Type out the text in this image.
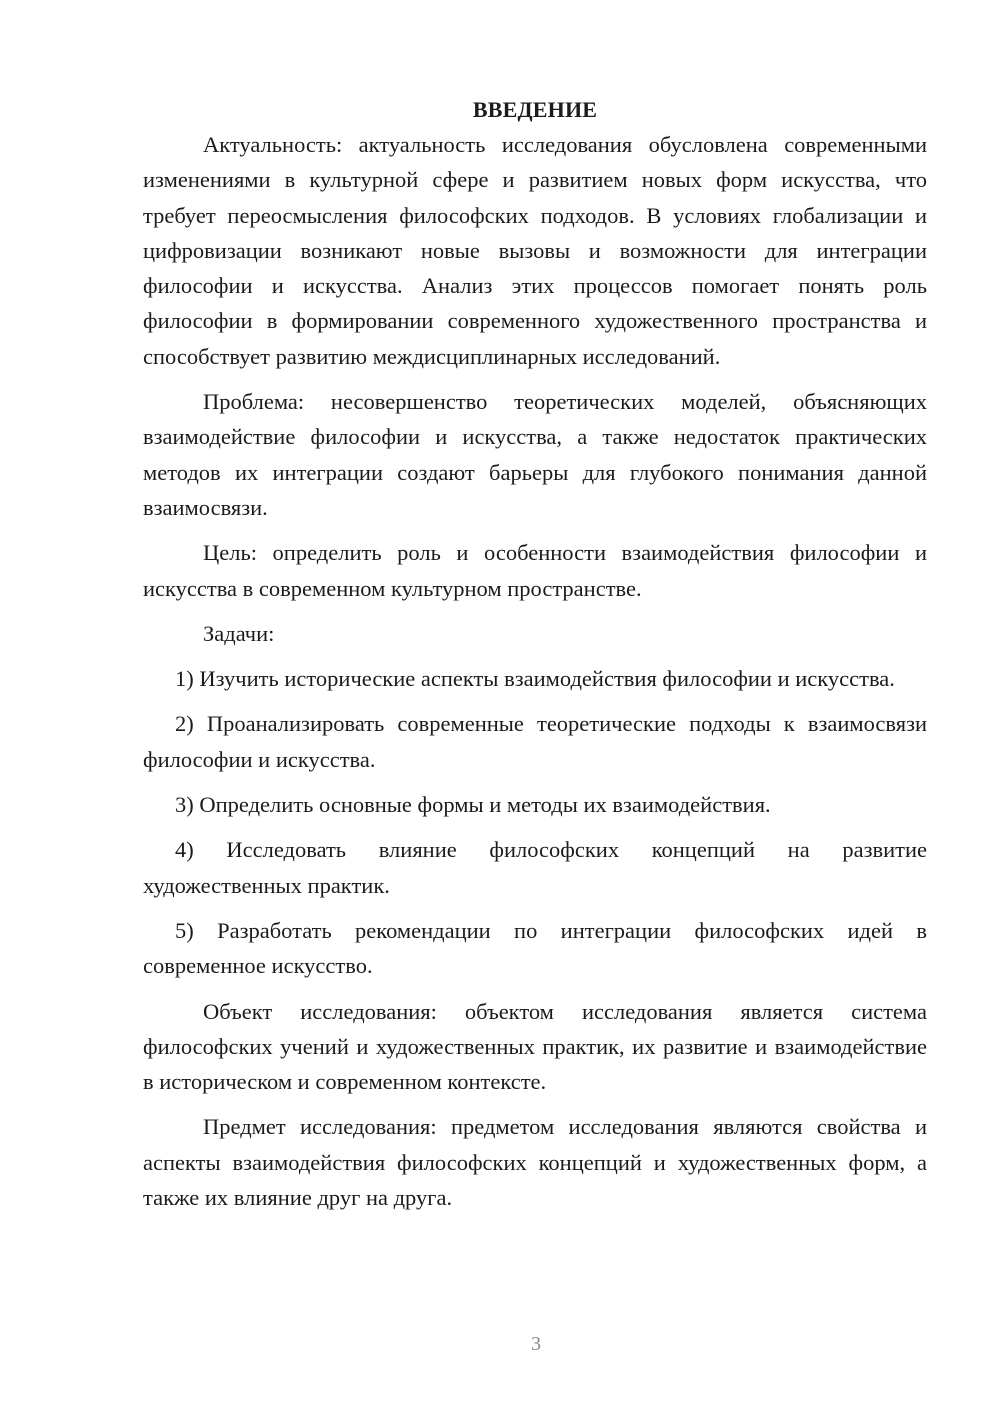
ВВЕДЕНИЕ

Актуальность: актуальность исследования обусловлена современными изменениями в культурной сфере и развитием новых форм искусства, что требует переосмысления философских подходов. В условиях глобализации и цифровизации возникают новые вызовы и возможности для интеграции философии и искусства. Анализ этих процессов помогает понять роль философии в формировании современного художественного пространства и способствует развитию междисциплинарных исследований.

Проблема: несовершенство теоретических моделей, объясняющих взаимодействие философии и искусства, а также недостаток практических методов их интеграции создают барьеры для глубокого понимания данной взаимосвязи.

Цель: определить роль и особенности взаимодействия философии и искусства в современном культурном пространстве.

Задачи:

1) Изучить исторические аспекты взаимодействия философии и искусства.

2) Проанализировать современные теоретические подходы к взаимосвязи философии и искусства.

3) Определить основные формы и методы их взаимодействия.

4) Исследовать влияние философских концепций на развитие художественных практик.

5) Разработать рекомендации по интеграции философских идей в современное искусство.

Объект исследования: объектом исследования является система философских учений и художественных практик, их развитие и взаимодействие в историческом и современном контексте.

Предмет исследования: предметом исследования являются свойства и аспекты взаимодействия философских концепций и художественных форм, а также их влияние друг на друга.

3
